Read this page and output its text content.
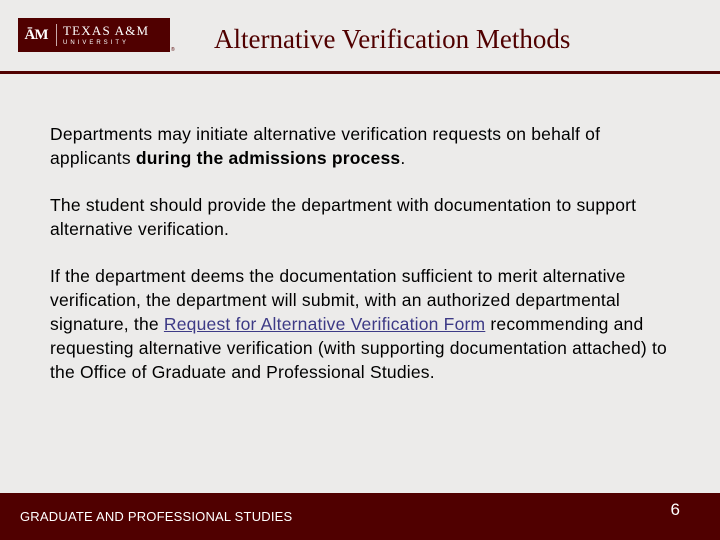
ĀM	TEXAS A&M
UNIVERSITY
® Alternative Verification Methods

Departments may initiate alternative verification requests on behalf of applicants during the admissions process.

The student should provide the department with documentation to support alternative verification.

If the department deems the documentation sufficient to merit alternative verification, the department will submit, with an authorized departmental signature, the Request for Alternative Verification Form recommending and requesting alternative verification (with supporting documentation attached) to the Office of Graduate and Professional Studies.

GRADUATE AND PROFESSIONAL STUDIES	6
